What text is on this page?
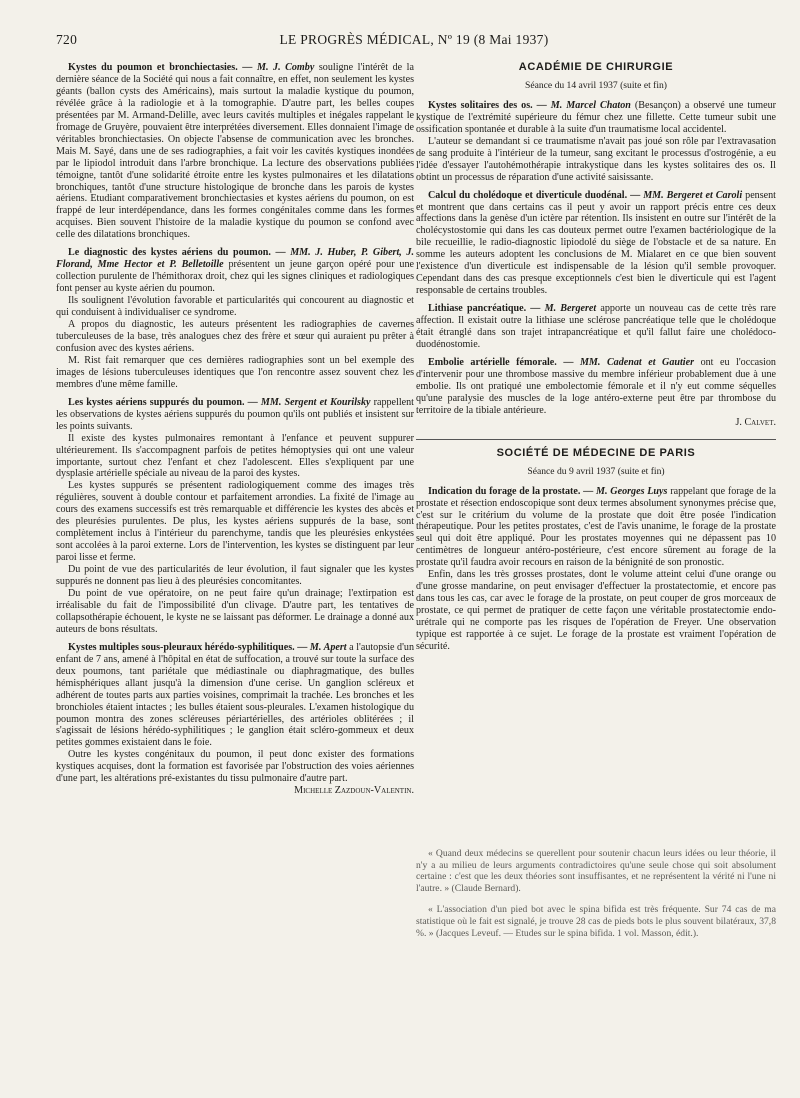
720	LE PROGRÈS MÉDICAL, Nº 19 (8 Mai 1937)

Kystes du poumon et bronchiectasies. — M. J. Comby souligne l'intérêt de la dernière séance de la Société qui nous a fait connaître, en effet, non seulement les kystes géants (ballon cysts des Américains), mais surtout la maladie kystique du poumon, révélée grâce à la radiologie et à la tomographie. D'autre part, les belles coupes présentées par M. Armand-Delille, avec leurs cavités multiples et inégales rappelant le fromage de Gruyère, pouvaient être interprétées diversement. Elles donnaient l'image de véritables bronchiectasies. On objecte l'absense de communication avec les bronches. Mais M. Sayé, dans une de ses radiographies, a fait voir les cavités kystiques inondées par le lipiodol introduit dans l'arbre bronchique. La lecture des observations publiées témoigne, tantôt d'une solidarité étroite entre les kystes pulmonaires et les dilatations bronchiques, tantôt d'une structure histologique de bronche dans les parois de kystes aériens. Etudiant comparativement bronchiectasies et kystes aériens du poumon, on est frappé de leur interdépendance, dans les formes congénitales comme dans les formes acquises. Bien souvent l'histoire de la maladie kystique du poumon se confond avec celle des dilatations bronchiques.

Le diagnostic des kystes aériens du poumon. — MM. J. Huber, P. Gibert, J. Florand, Mme Hector et P. Belletoille présentent un jeune garçon opéré pour une collection purulente de l'hémithorax droit, chez qui les signes cliniques et radiologiques font penser au kyste aérien du poumon.

Ils soulignent l'évolution favorable et particularités qui concourent au diagnostic et qui conduisent à individualiser ce syndrome.

A propos du diagnostic, les auteurs présentent les radiographies de cavernes tuberculeuses de la base, très analogues chez des frère et sœur qui auraient pu prêter à confusion avec des kystes aériens.

M. Rist fait remarquer que ces dernières radiographies sont un bel exemple des images de lésions tuberculeuses identiques que l'on rencontre assez souvent chez les membres d'une même famille.

Les kystes aériens suppurés du poumon. — MM. Sergent et Kourilsky rappellent les observations de kystes aériens suppurés du poumon qu'ils ont publiés et insistent sur les points suivants.

Il existe des kystes pulmonaires remontant à l'enfance et peuvent suppurer ultérieurement. Ils s'accompagnent parfois de petites hémoptysies qui ont une valeur importante, surtout chez l'enfant et chez l'adolescent. Elles s'expliquent par une dysplasie artérielle spéciale au niveau de la paroi des kystes.

Les kystes suppurés se présentent radiologiquement comme des images très régulières, souvent à double contour et parfaitement arrondies. La fixité de l'image au cours des examens successifs est très remarquable et différencie les kystes des abcès et des pleurésies purulentes. De plus, les kystes aériens suppurés de la base, sont complètement inclus à l'intérieur du parenchyme, tandis que les pleurésies enkystées sont accolées à la paroi externe. Lors de l'intervention, les kystes se distinguent par leur paroi lisse et ferme.

Du point de vue des particularités de leur évolution, il faut signaler que les kystes suppurés ne donnent pas lieu à des pleurésies concomitantes.

Du point de vue opératoire, on ne peut faire qu'un drainage; l'extirpation est irréalisable du fait de l'impossibilité d'un clivage. D'autre part, les tentatives de collapsothérapie échouent, le kyste ne se laissant pas déformer. Le drainage a donné aux auteurs de bons résultats.

Kystes multiples sous-pleuraux hérédo-syphilitiques. — M. Apert a l'autopsie d'un enfant de 7 ans, amené à l'hôpital en état de suffocation, a trouvé sur toute la surface des deux poumons, tant pariétale que médiastinale ou diaphragmatique, des bulles hémisphériques allant jusqu'à la dimension d'une cerise. Un ganglion scléreux et adhérent de toutes parts aux parties voisines, comprimait la trachée. Les bronches et les bronchioles étaient intactes ; les bulles étaient sous-pleurales. L'examen histologique du poumon montra des zones scléreuses périartérielles, des artérioles oblitérées ; il s'agissait de lésions hérédo-syphilitiques ; le ganglion était scléro-gommeux et deux petites gommes existaient dans le foie.

Outre les kystes congénitaux du poumon, il peut donc exister des formations kystiques acquises, dont la formation est favorisée par l'obstruction des voies aériennes d'une part, les altérations pré-existantes du tissu pulmonaire d'autre part.

Michelle Zazdoun-Valentin.

ACADÉMIE DE CHIRURGIE

Séance du 14 avril 1937 (suite et fin)

Kystes solitaires des os. — M. Marcel Chaton (Besançon) a observé une tumeur kystique de l'extrémité supérieure du fémur chez une fillette. Cette tumeur subit une ossification spontanée et durable à la suite d'un traumatisme local accidentel.

L'auteur se demandant si ce traumatisme n'avait pas joué son rôle par l'extravasation de sang produite à l'intérieur de la tumeur, sang excitant le processus d'ostrogénie, a eu l'idée d'essayer l'autohémothérapie intrakystique dans les kystes solitaires des os. Il obtint un processus de réparation d'une activité saisissante.

Calcul du cholédoque et diverticule duodénal. — MM. Bergeret et Caroli pensent et montrent que dans certains cas il peut y avoir un rapport précis entre ces deux affections dans la genèse d'un ictère par rétention. Ils insistent en outre sur l'intérêt de la cholécystostomie qui dans les cas douteux permet outre l'examen bactériologique de la bile recueillie, le radio-diagnostic lipiodolé du siège de l'obstacle et de sa nature. En somme les auteurs adoptent les conclusions de M. Mialaret en ce que bien souvent l'existence d'un diverticule est indispensable de la lésion qu'il semble provoquer. Cependant dans des cas presque exceptionnels c'est bien le diverticule qui est l'agent responsable de certains troubles.

Lithiase pancréatique. — M. Bergeret apporte un nouveau cas de cette très rare affection. Il existait outre la lithiase une sclérose pancréatique telle que le cholédoque était étranglé dans son trajet intrapancréatique et qu'il fallut faire une cholédoco-duodénostomie.

Embolie artérielle fémorale. — MM. Cadenat et Gautier ont eu l'occasion d'intervenir pour une thrombose massive du membre inférieur probablement due à une embolie. Ils ont pratiqué une embolectomie fémorale et il n'y eut comme séquelles qu'une paralysie des muscles de la loge antéro-externe peut être par thrombose du territoire de la tibiale antérieure.

J. Calvet.

SOCIÉTÉ DE MÉDECINE DE PARIS

Séance du 9 avril 1937 (suite et fin)

Indication du forage de la prostate. — M. Georges Luys rappelant que forage de la prostate et résection endoscopique sont deux termes absolument synonymes précise que, c'est sur le critérium du volume de la prostate que doit être posée l'indication thérapeutique. Pour les petites prostates, c'est de l'avis unanime, le forage de la prostate seul qui doit être appliqué. Pour les prostates moyennes qui ne dépassent pas 10 centimètres de longueur antéro-postérieure, c'est encore sûrement au forage de la prostate qu'il faudra avoir recours en raison de la bénignité de son pronostic.

Enfin, dans les très grosses prostates, dont le volume atteint celui d'une orange ou d'une grosse mandarine, on peut envisager d'effectuer la prostatectomie, et encore pas dans tous les cas, car avec le forage de la prostate, on peut couper de gros morceaux de prostate, ce qui permet de pratiquer de cette façon une véritable prostatectomie endo-urétrale qui ne comporte pas les risques de l'opération de Freyer. Une observation typique est rapportée à ce sujet. Le forage de la prostate est vraiment l'opération de sécurité.

« Quand deux médecins se querellent pour soutenir chacun leurs idées ou leur théorie, il n'y a au milieu de leurs arguments contradictoires qu'une seule chose qui soit absolument certaine : c'est que les deux théories sont insuffisantes, et ne représentent la vérité ni l'une ni l'autre. » (Claude Bernard).

« L'association d'un pied bot avec le spina bifida est très fréquente. Sur 74 cas de ma statistique où le fait est signalé, je trouve 28 cas de pieds bots le plus souvent bilatéraux, 37,8 %. » (Jacques Leveuf. — Etudes sur le spina bifida. 1 vol. Masson, édit.).
